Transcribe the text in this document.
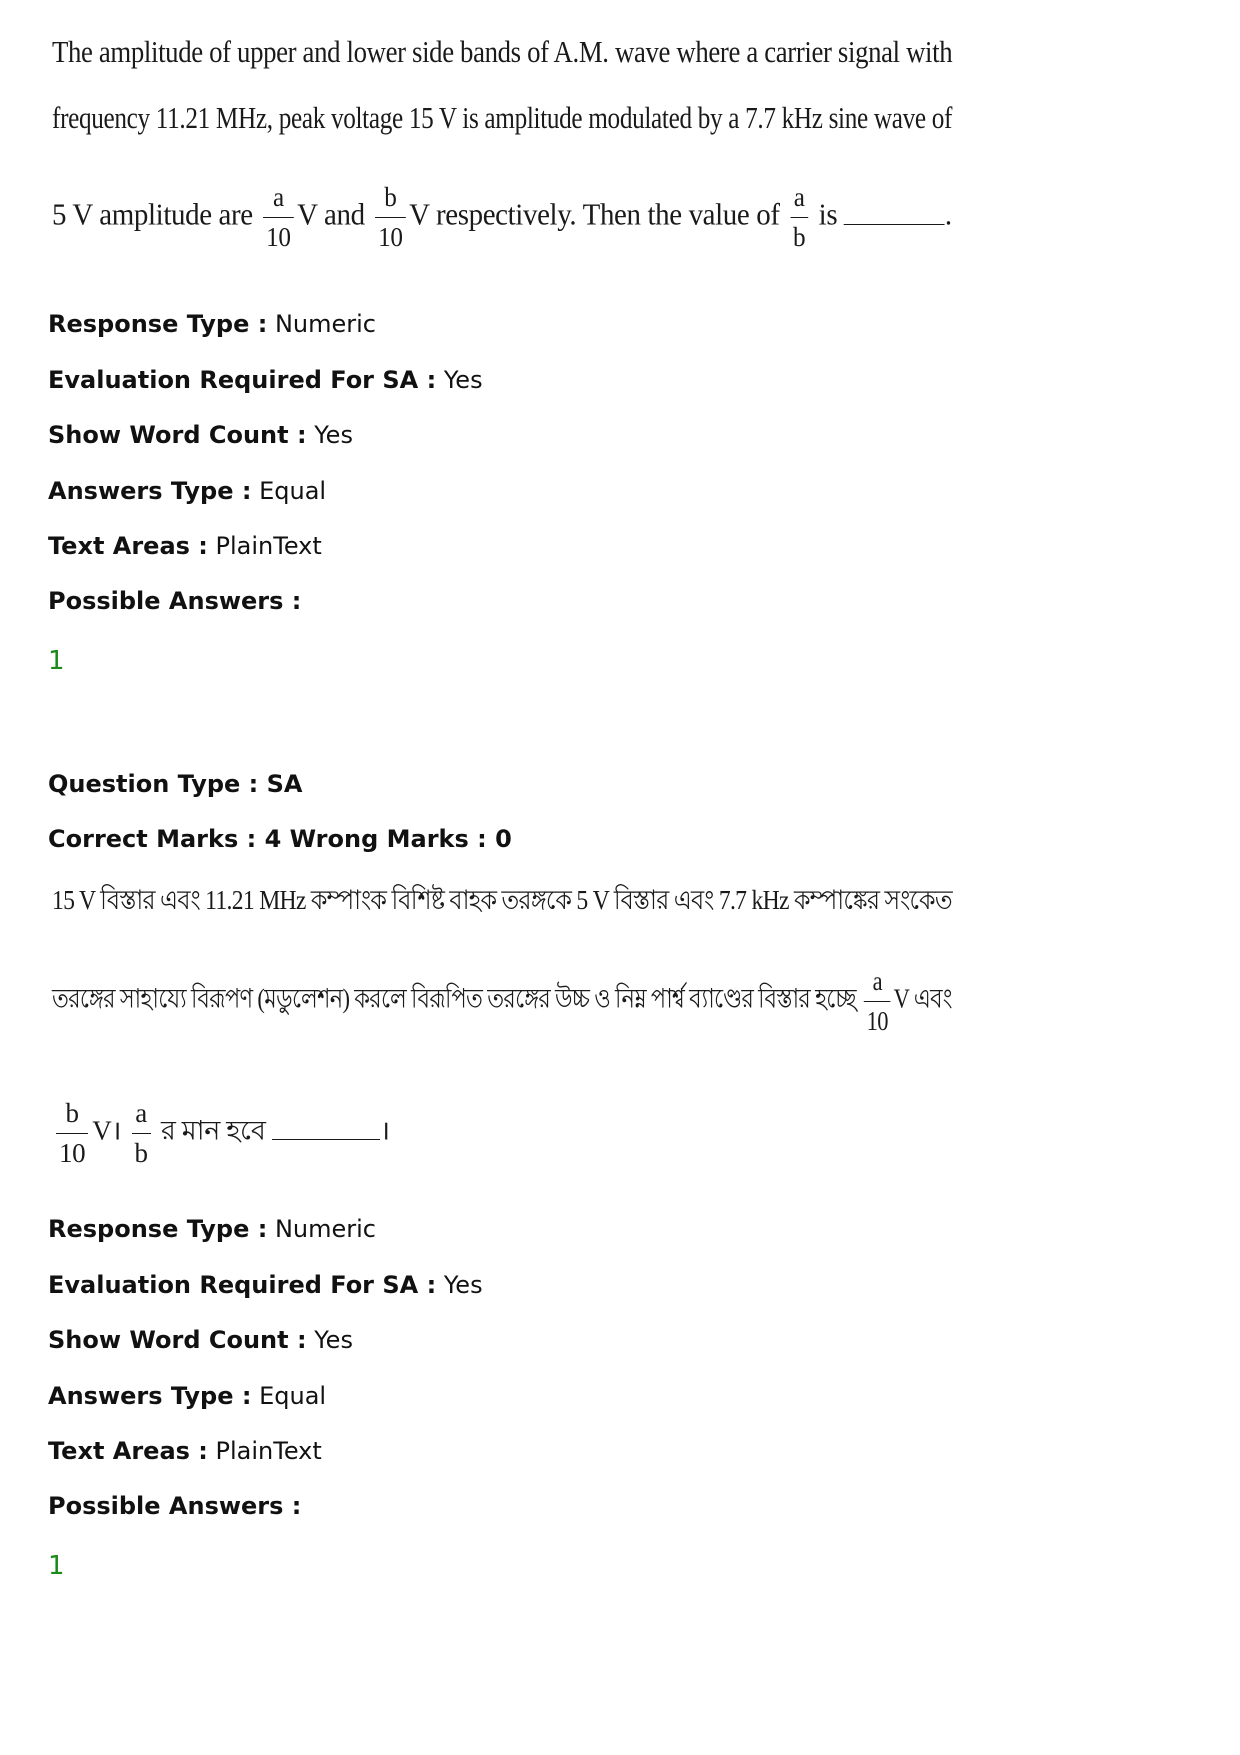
The amplitude of upper and lower side bands of A.M. wave where a carrier signal with
frequency 11.21 MHz, peak voltage 15 V is amplitude modulated by a 7.7 kHz sine wave of
5 V amplitude are $\frac{a}{10}$ V and $\frac{b}{10}$ V respectively. Then the value of $\frac{a}{b}$ is	.
Response Type : Numeric
Evaluation Required For SA : Yes
Show Word Count : Yes
Answers Type : Equal
Text Areas : PlainText
Possible Answers :
1
Question Type : SA
Correct Marks : 4 Wrong Marks : 0
15 V বিস্তার এবং 11.21 MHz কম্পাংক বিশিষ্ট বাহক তরঙ্গকে 5 V বিস্তার এবং 7.7 kHz কম্পাঙ্কের সংকেত
তরঙ্গের সাহায্যে বিরূপণ (মডুলেশন) করলে বিরূপিত তরঙ্গের উচ্চ ও নিম্ন পার্শ্ব ব্যাণ্ডের বিস্তার হচ্ছে $\frac{a}{10}$ V এবং
$\frac{b}{10}$ V। $\frac{a}{b}$ র মান হবে	।
Response Type : Numeric
Evaluation Required For SA : Yes
Show Word Count : Yes
Answers Type : Equal
Text Areas : PlainText
Possible Answers :
1
